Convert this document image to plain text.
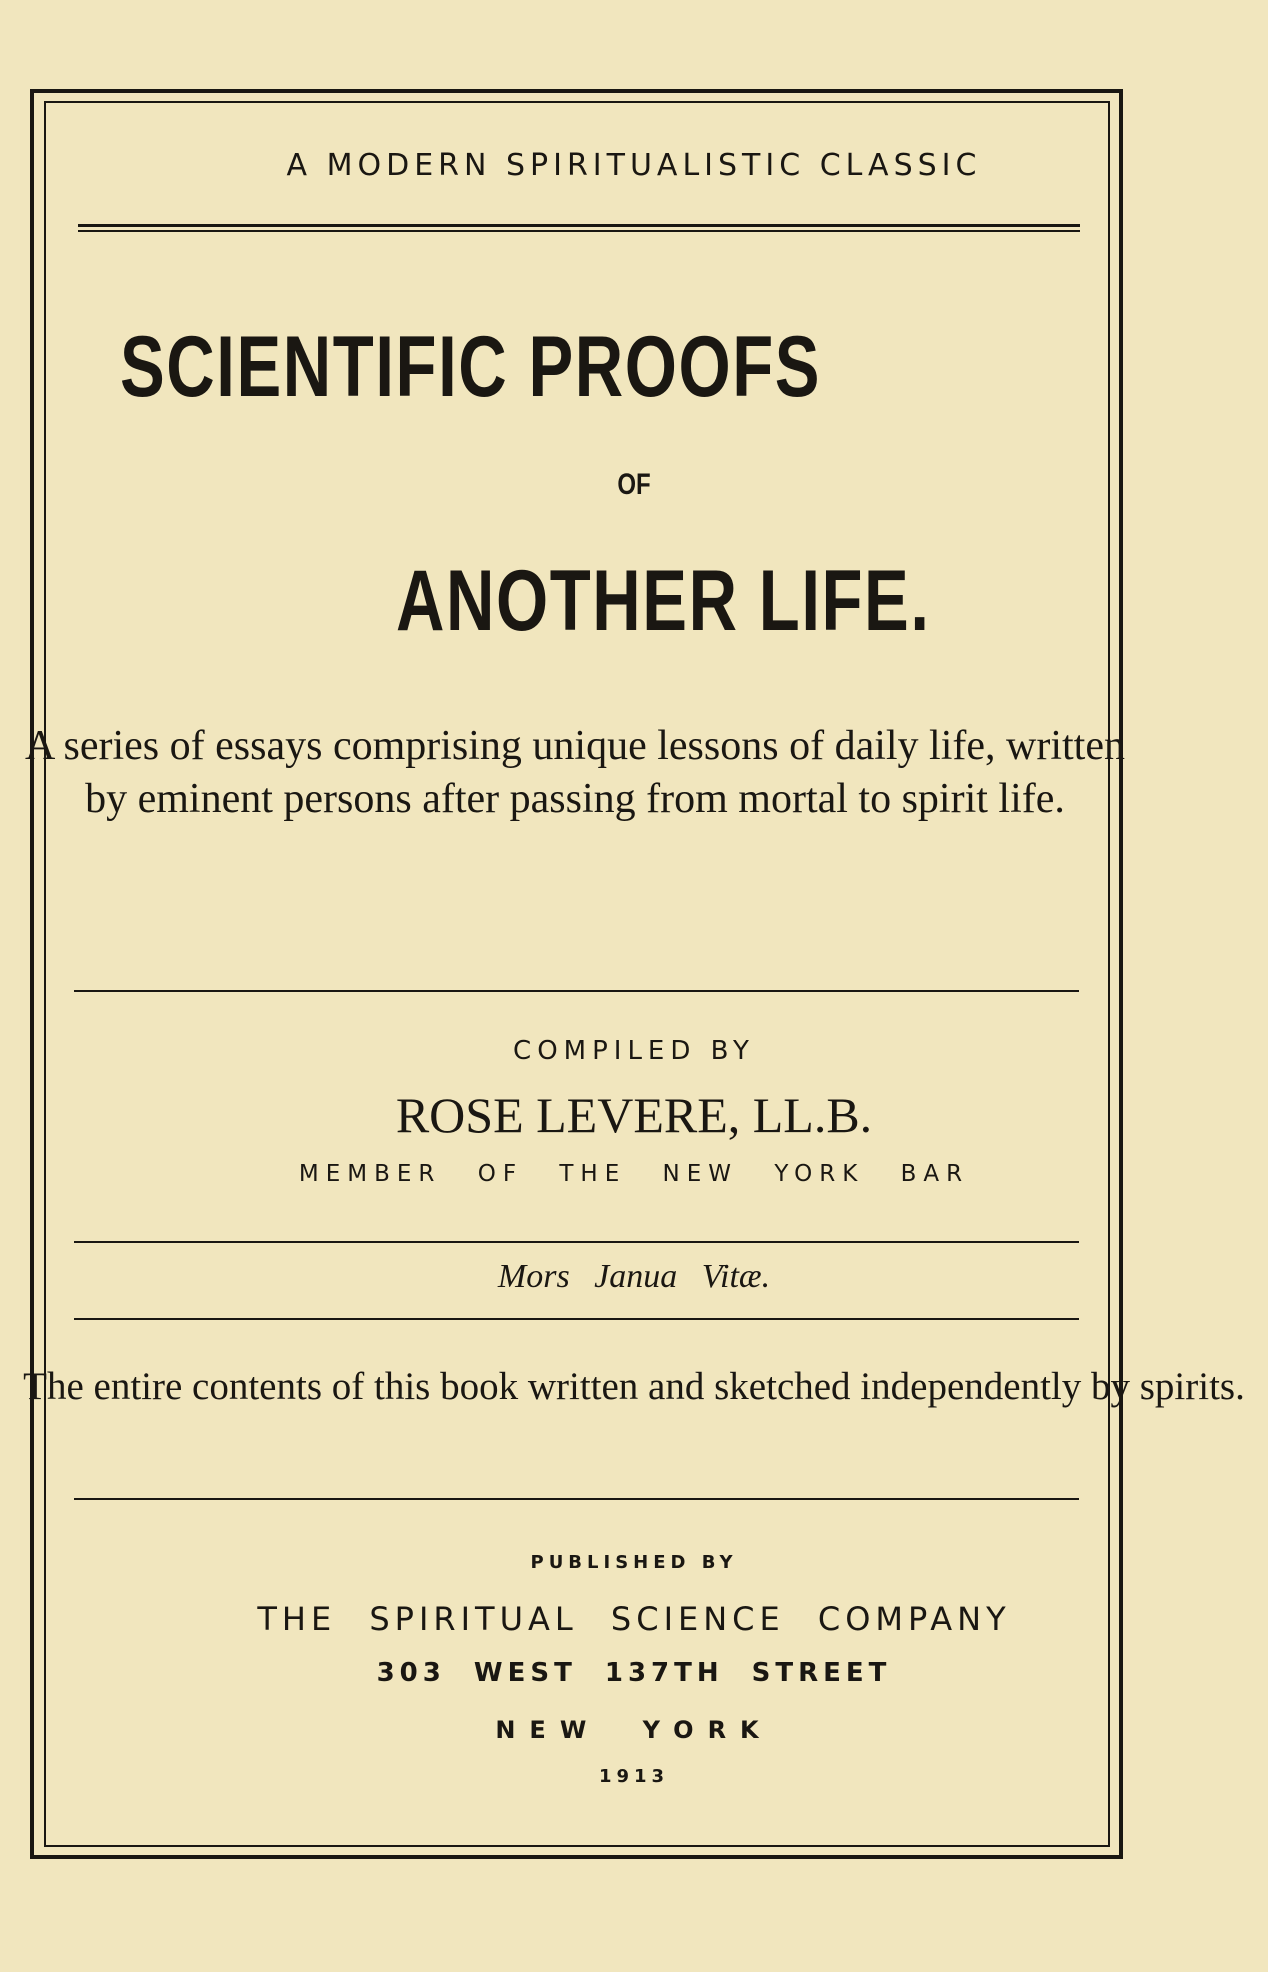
A MODERN SPIRITUALISTIC CLASSIC
SCIENTIFIC PROOFS
OF
ANOTHER LIFE.
A series of essays comprising unique lessons of daily life, written by eminent persons after passing from mortal to spirit life.
COMPILED BY
ROSE LEVERE, LL.B.
MEMBER OF THE NEW YORK BAR
Mors Janua Vitæ.
The entire contents of this book written and sketched independently by spirits.
PUBLISHED BY
THE SPIRITUAL SCIENCE COMPANY
303 WEST 137TH STREET
NEW YORK
1913
